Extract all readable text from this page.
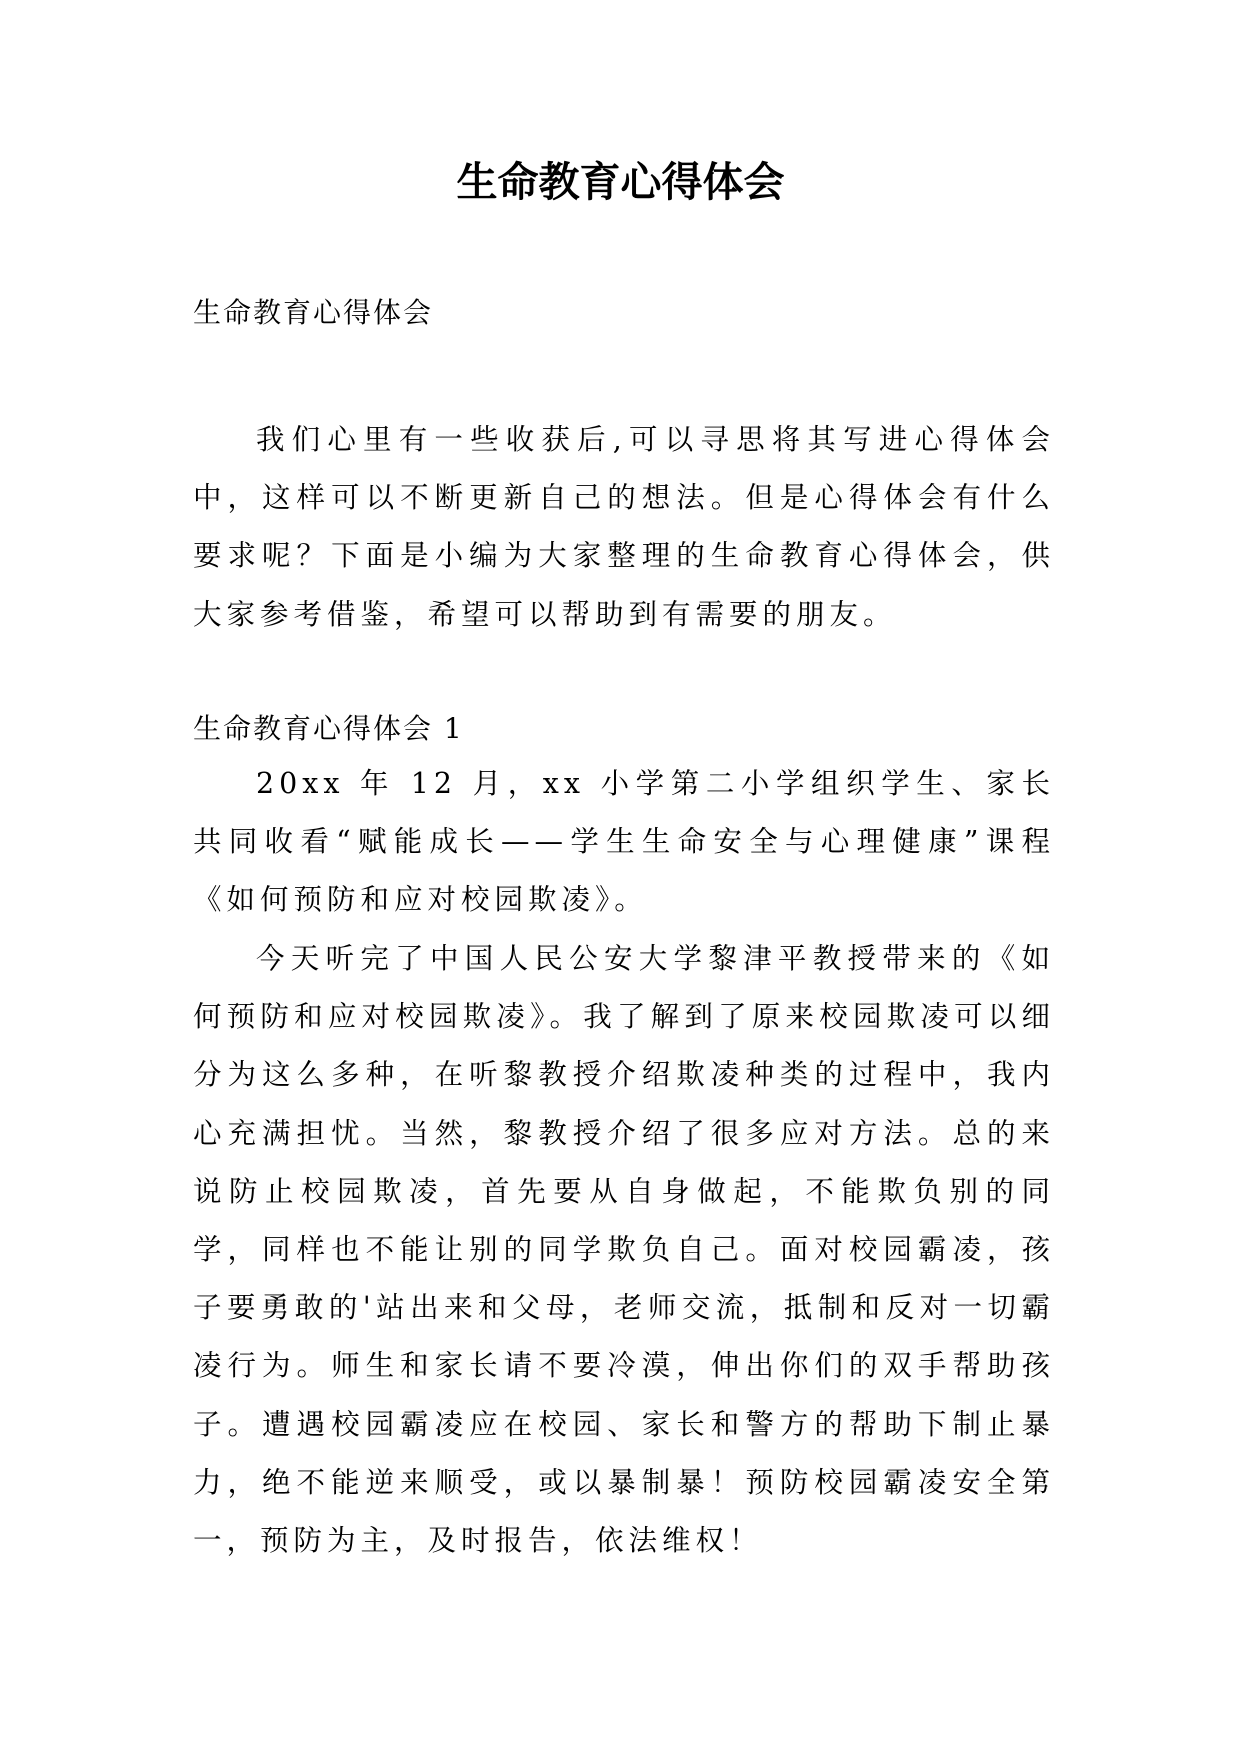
生命教育心得体会

生命教育心得体会

我们心里有一些收获后,可以寻思将其写进心得体会中，这样可以不断更新自己的想法。但是心得体会有什么要求呢？下面是小编为大家整理的生命教育心得体会，供大家参考借鉴，希望可以帮助到有需要的朋友。

生命教育心得体会 1

20xx 年 12 月，xx 小学第二小学组织学生、家长共同收看“赋能成长——学生生命安全与心理健康”课程《如何预防和应对校园欺凌》。

今天听完了中国人民公安大学黎津平教授带来的《如何预防和应对校园欺凌》。我了解到了原来校园欺凌可以细分为这么多种，在听黎教授介绍欺凌种类的过程中，我内心充满担忧。当然，黎教授介绍了很多应对方法。总的来说防止校园欺凌，首先要从自身做起，不能欺负别的同学，同样也不能让别的同学欺负自己。面对校园霸凌，孩子要勇敢的'站出来和父母，老师交流，抵制和反对一切霸凌行为。师生和家长请不要冷漠，伸出你们的双手帮助孩子。遭遇校园霸凌应在校园、家长和警方的帮助下制止暴力，绝不能逆来顺受，或以暴制暴！预防校园霸凌安全第一，预防为主，及时报告，依法维权！
